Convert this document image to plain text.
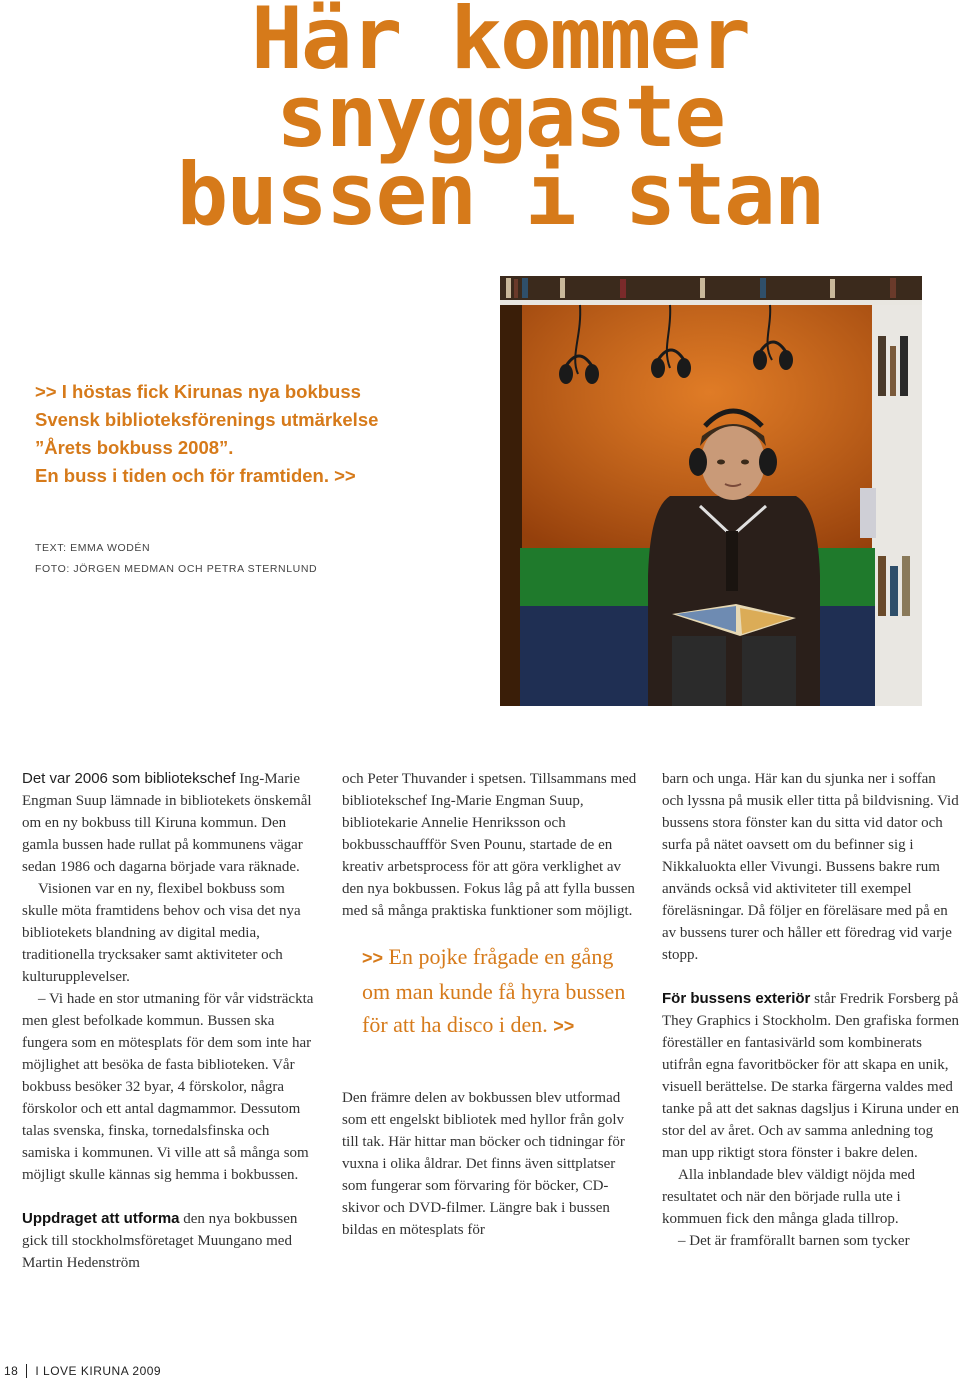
Här kommer
snyggaste
bussen i stan
>> I höstas fick Kirunas nya bokbuss
Svensk biblioteksförenings utmärkelse
”Årets bokbuss 2008”.
En buss i tiden och för framtiden. >>
TEXT: EMMA WODÉN
FOTO: JÖRGEN MEDMAN OCH PETRA STERNLUND

Det var 2006 som bibliotekschef Ing-Marie Engman Suup lämnade in bibliotekets önskemål om en ny bokbuss till Kiruna kommun. Den gamla bussen hade rullat på kommunens vägar sedan 1986 och dagarna började vara räknade.

Visionen var en ny, flexibel bokbuss som skulle möta framtidens behov och visa det nya bibliotekets blandning av digital media, traditionella trycksaker samt aktiviteter och kulturupplevelser.

– Vi hade en stor utmaning för vår vidsträckta men glest befolkade kommun. Bussen ska fungera som en mötesplats för dem som inte har möjlighet att besöka de fasta biblioteken. Vår bokbuss besöker 32 byar, 4 förskolor, några förskolor och ett antal dagmammor. Dessutom talas svenska, finska, tornedalsfinska och samiska i kommunen. Vi ville att så många som möjligt skulle kännas sig hemma i bokbussen.

Uppdraget att utforma den nya bokbussen gick till stockholmsföretaget Muungano med Martin Hedenström

och Peter Thuvander i spetsen. Tillsammans med bibliotekschef Ing-Marie Engman Suup, bibliotekarie Annelie Henriksson och bokbusschauffför Sven Pounu, startade de en kreativ arbetsprocess för att göra verklighet av den nya bokbussen. Fokus låg på att fylla bussen med så många praktiska funktioner som möjligt.

>> En pojke frågade en gång om man kunde få hyra bussen för att ha disco i den. >>

Den främre delen av bokbussen blev utformad som ett engelskt bibliotek med hyllor från golv till tak. Här hittar man böcker och tidningar för vuxna i olika åldrar. Det finns även sittplatser som fungerar som förvaring för böcker, CD-skivor och DVD-filmer. Längre bak i bussen bildas en mötesplats för

barn och unga. Här kan du sjunka ner i soffan och lyssna på musik eller titta på bildvisning. Vid bussens stora fönster kan du sitta vid dator och surfa på nätet oavsett om du befinner sig i Nikkaluokta eller Vivungi. Bussens bakre rum används också vid aktiviteter till exempel föreläsningar. Då följer en föreläsare med på en av bussens turer och håller ett föredrag vid varje stopp.

För bussens exteriör står Fredrik Forsberg på They Graphics i Stockholm. Den grafiska formen föreställer en fantasivärld som kombinerats utifrån egna favoritböcker för att skapa en unik, visuell berättelse. De starka färgerna valdes med tanke på att det saknas dagsljus i Kiruna under en stor del av året. Och av samma anledning tog man upp riktigt stora fönster i bakre delen.

Alla inblandade blev väldigt nöjda med resultatet och när den började rulla ute i kommuen fick den många glada tillrop.

– Det är framförallt barnen som tycker

18 I LOVE KIRUNA 2009
